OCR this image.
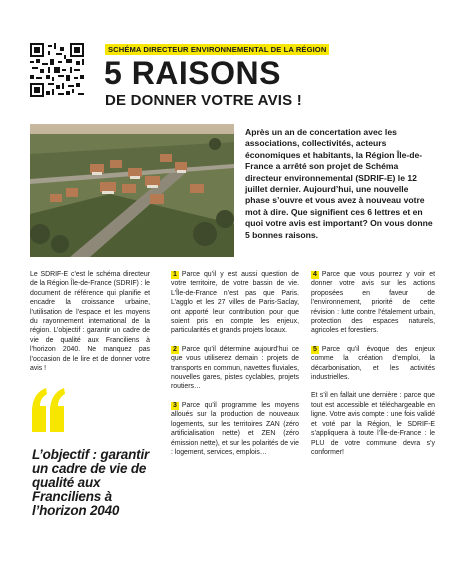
SCHÉMA DIRECTEUR ENVIRONNEMENTAL DE LA RÉGION
5 RAISONS
DE DONNER VOTRE AVIS !
Après un an de concertation avec les associations, collectivités, acteurs économiques et habitants, la Région Île-de-France a arrêté son projet de Schéma directeur environnemental (SDRIF-E) le 12 juillet dernier. Aujourd’hui, une nouvelle phase s’ouvre et vous avez à nouveau votre mot à dire. Que signifient ces 6 lettres et en quoi votre avis est important? On vous donne 5 bonnes raisons.

Le SDRIF-E c’est le schéma directeur de la Région Île-de-France (SDRIF) : le document de référence qui planifie et encadre la croissance urbaine, l’utilisation de l’espace et les moyens du rayonnement international de la région. L’objectif : garantir un cadre de vie de qualité aux Franciliens à l’horizon 2040. Ne manquez pas l’occasion de le lire et de donner votre avis !

L’objectif : garantir un cadre de vie de qualité aux Franciliens à l’horizon 2040

1 Parce qu’il y est aussi question de votre territoire, de votre bassin de vie. L’Île-de-France n’est pas que Paris. L’agglo et les 27 villes de Paris-Saclay, ont apporté leur contribution pour que soient pris en compte les enjeux, particularités et grands projets locaux.

2 Parce qu’il détermine aujourd’hui ce que vous utiliserez demain : projets de transports en commun, navettes fluviales, nouvelles gares, pistes cyclables, projets routiers…

3 Parce qu’il programme les moyens alloués sur la production de nouveaux logements, sur les territoires ZAN (zéro artificialisation nette) et ZEN (zéro émission nette), et sur les polarités de vie : logement, services, emplois…

4 Parce que vous pourrez y voir et donner votre avis sur les actions proposées en faveur de l’environnement, priorité de cette révision : lutte contre l’étalement urbain, protection des espaces naturels, agricoles et forestiers.

5 Parce qu’il évoque des enjeux comme la création d’emploi, la décarbonisation, et les activités industrielles.

Et s’il en fallait une dernière : parce que tout est accessible et téléchargeable en ligne. Votre avis compte : une fois validé et voté par la Région, le SDRIF-E s’appliquera à toute l’Île-de-France : le PLU de votre commune devra s’y conformer!
